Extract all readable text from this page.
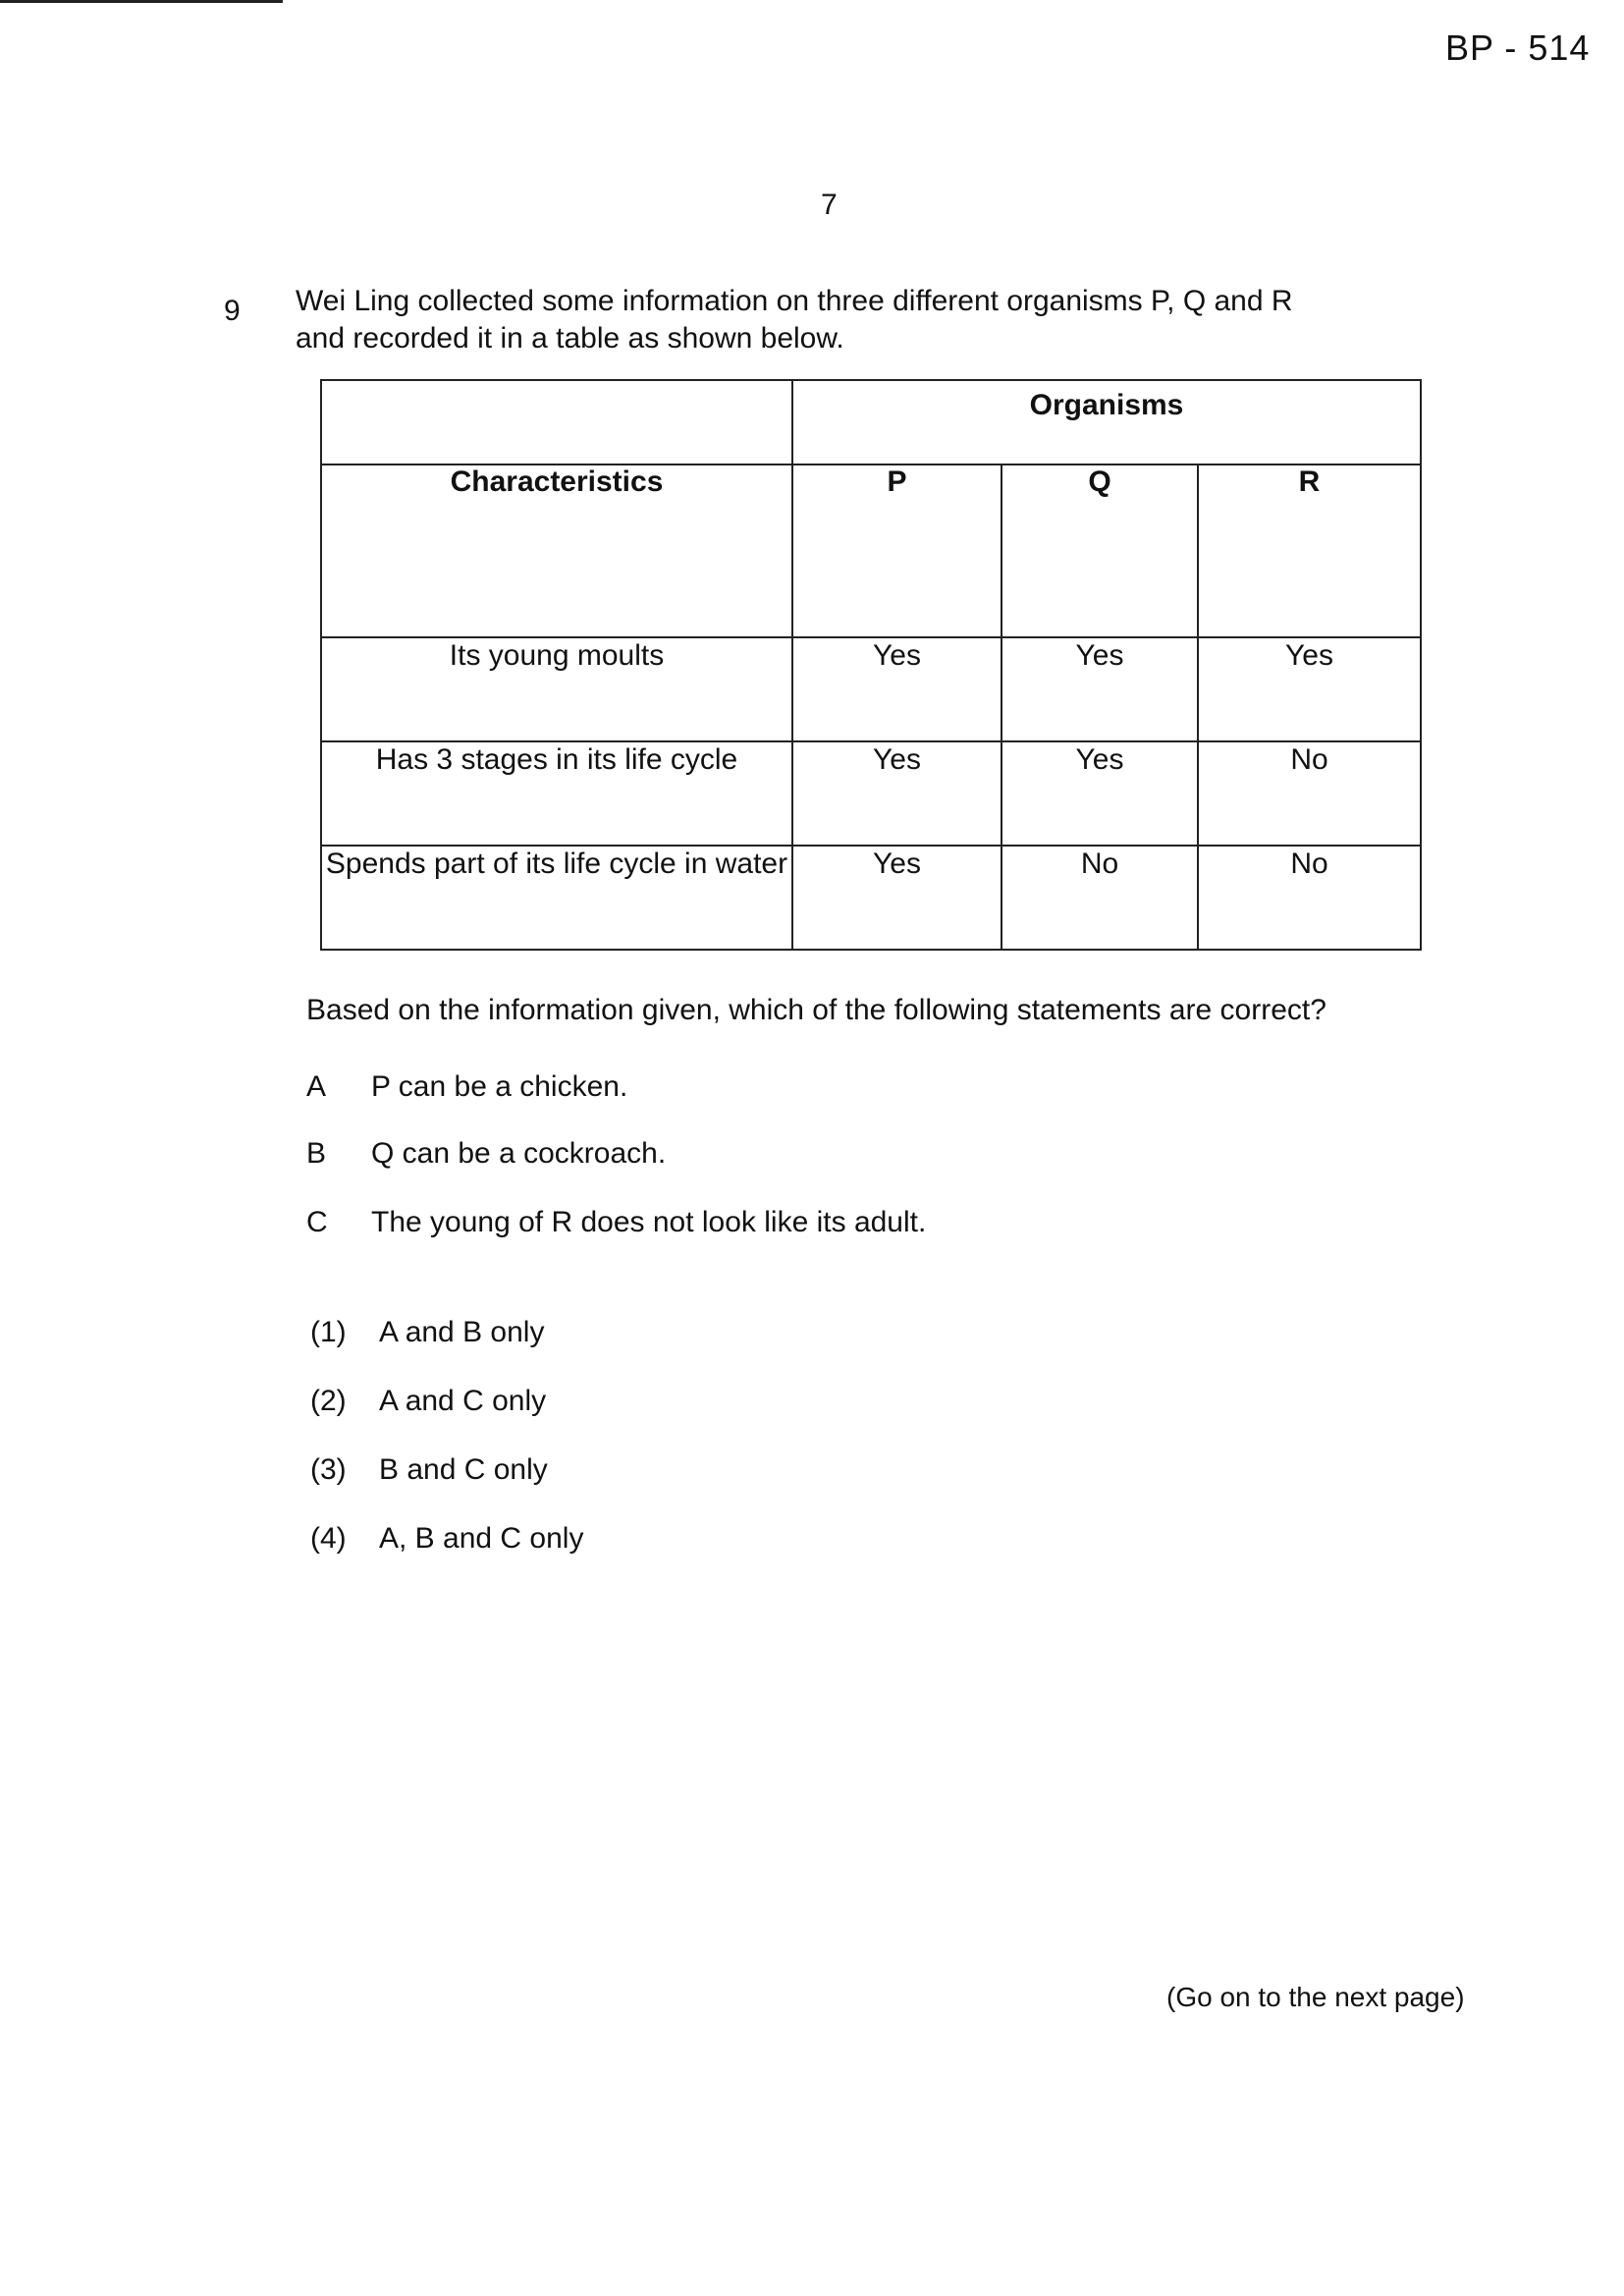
BP - 514
7
9 Wei Ling collected some information on three different organisms P, Q and R
and recorded it in a table as shown below.
	Organisms		
Characteristics	P	Q	R
Its young moults	Yes	Yes	Yes
Has 3 stages in its life cycle	Yes	Yes	No
Spends part of its life cycle in water	Yes	No	No
Based on the information given, which of the following statements are correct?
A P can be a chicken.
B Q can be a cockroach.
C The young of R does not look like its adult.
(1) A and B only
(2) A and C only
(3) B and C only
(4) A, B and C only
(Go on to the next page)
